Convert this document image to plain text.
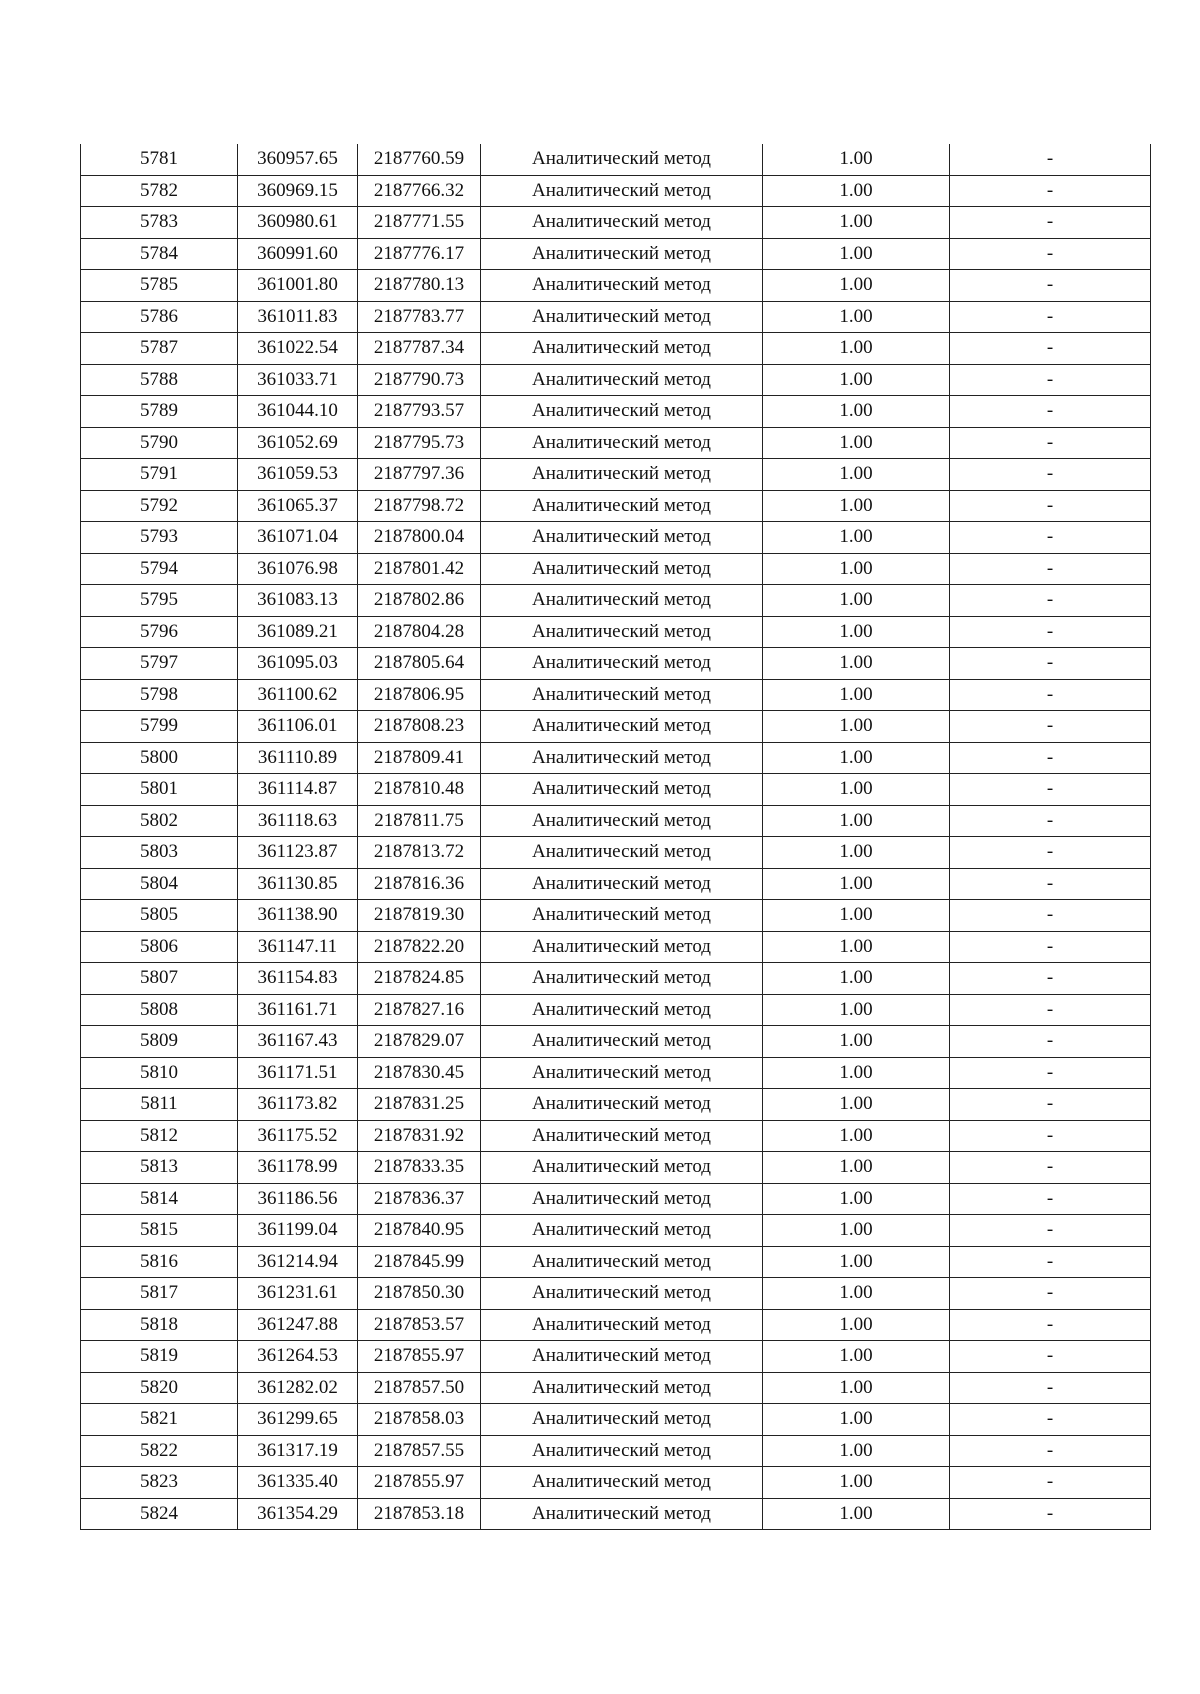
5781	360957.65	2187760.59	Аналитический метод	1.00	-
5782	360969.15	2187766.32	Аналитический метод	1.00	-
5783	360980.61	2187771.55	Аналитический метод	1.00	-
5784	360991.60	2187776.17	Аналитический метод	1.00	-
5785	361001.80	2187780.13	Аналитический метод	1.00	-
5786	361011.83	2187783.77	Аналитический метод	1.00	-
5787	361022.54	2187787.34	Аналитический метод	1.00	-
5788	361033.71	2187790.73	Аналитический метод	1.00	-
5789	361044.10	2187793.57	Аналитический метод	1.00	-
5790	361052.69	2187795.73	Аналитический метод	1.00	-
5791	361059.53	2187797.36	Аналитический метод	1.00	-
5792	361065.37	2187798.72	Аналитический метод	1.00	-
5793	361071.04	2187800.04	Аналитический метод	1.00	-
5794	361076.98	2187801.42	Аналитический метод	1.00	-
5795	361083.13	2187802.86	Аналитический метод	1.00	-
5796	361089.21	2187804.28	Аналитический метод	1.00	-
5797	361095.03	2187805.64	Аналитический метод	1.00	-
5798	361100.62	2187806.95	Аналитический метод	1.00	-
5799	361106.01	2187808.23	Аналитический метод	1.00	-
5800	361110.89	2187809.41	Аналитический метод	1.00	-
5801	361114.87	2187810.48	Аналитический метод	1.00	-
5802	361118.63	2187811.75	Аналитический метод	1.00	-
5803	361123.87	2187813.72	Аналитический метод	1.00	-
5804	361130.85	2187816.36	Аналитический метод	1.00	-
5805	361138.90	2187819.30	Аналитический метод	1.00	-
5806	361147.11	2187822.20	Аналитический метод	1.00	-
5807	361154.83	2187824.85	Аналитический метод	1.00	-
5808	361161.71	2187827.16	Аналитический метод	1.00	-
5809	361167.43	2187829.07	Аналитический метод	1.00	-
5810	361171.51	2187830.45	Аналитический метод	1.00	-
5811	361173.82	2187831.25	Аналитический метод	1.00	-
5812	361175.52	2187831.92	Аналитический метод	1.00	-
5813	361178.99	2187833.35	Аналитический метод	1.00	-
5814	361186.56	2187836.37	Аналитический метод	1.00	-
5815	361199.04	2187840.95	Аналитический метод	1.00	-
5816	361214.94	2187845.99	Аналитический метод	1.00	-
5817	361231.61	2187850.30	Аналитический метод	1.00	-
5818	361247.88	2187853.57	Аналитический метод	1.00	-
5819	361264.53	2187855.97	Аналитический метод	1.00	-
5820	361282.02	2187857.50	Аналитический метод	1.00	-
5821	361299.65	2187858.03	Аналитический метод	1.00	-
5822	361317.19	2187857.55	Аналитический метод	1.00	-
5823	361335.40	2187855.97	Аналитический метод	1.00	-
5824	361354.29	2187853.18	Аналитический метод	1.00	-
